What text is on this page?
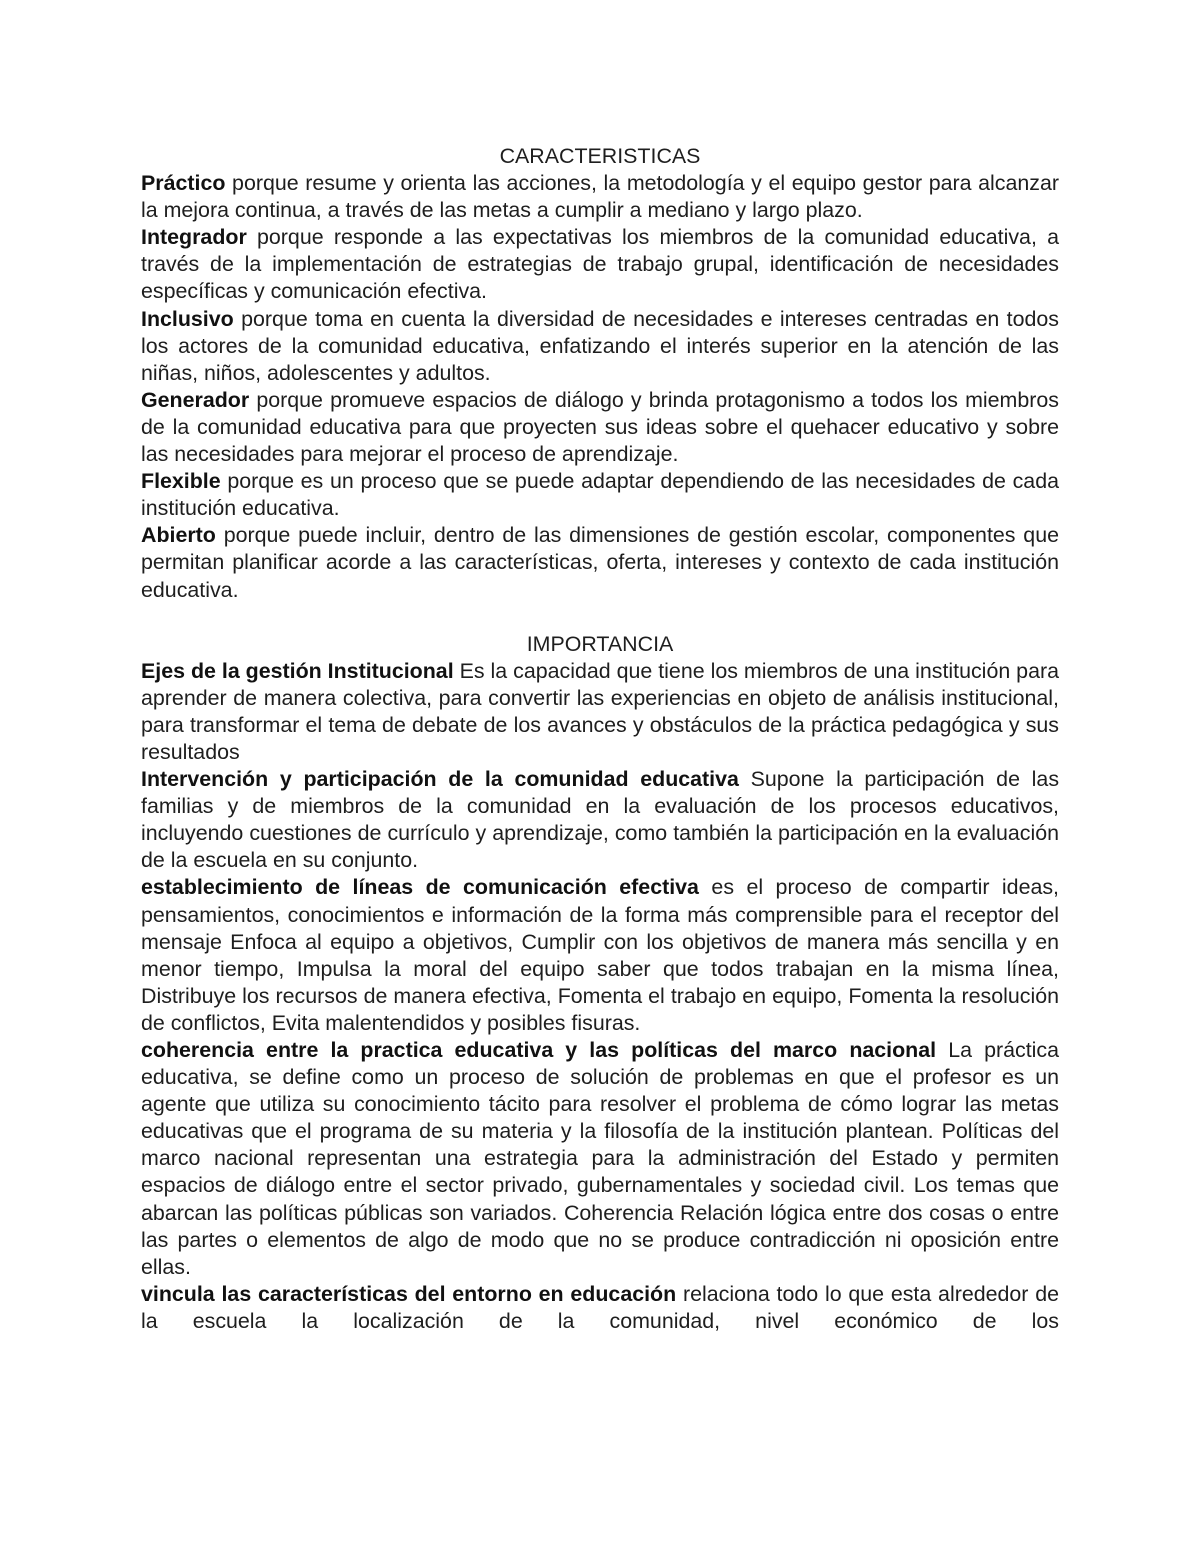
CARACTERISTICAS

Práctico porque resume y orienta las acciones, la metodología y el equipo gestor para alcanzar la mejora continua, a través de las metas a cumplir a mediano y largo plazo.

Integrador porque responde a las expectativas los miembros de la comunidad educativa, a través de la implementación de estrategias de trabajo grupal, identificación de necesidades específicas y comunicación efectiva.

Inclusivo porque toma en cuenta la diversidad de necesidades e intereses centradas en todos los actores de la comunidad educativa, enfatizando el interés superior en la atención de las niñas, niños, adolescentes y adultos.

Generador porque promueve espacios de diálogo y brinda protagonismo a todos los miembros de la comunidad educativa para que proyecten sus ideas sobre el quehacer educativo y sobre las necesidades para mejorar el proceso de aprendizaje.

Flexible porque es un proceso que se puede adaptar dependiendo de las necesidades de cada institución educativa.

Abierto porque puede incluir, dentro de las dimensiones de gestión escolar, componentes que permitan planificar acorde a las características, oferta, intereses y contexto de cada institución educativa.

IMPORTANCIA

Ejes de la gestión Institucional Es la capacidad que tiene los miembros de una institución para aprender de manera colectiva, para convertir las experiencias en objeto de análisis institucional, para transformar el tema de debate de los avances y obstáculos de la práctica pedagógica y sus resultados

Intervención y participación de la comunidad educativa Supone la participación de las familias y de miembros de la comunidad en la evaluación de los procesos educativos, incluyendo cuestiones de currículo y aprendizaje, como también la participación en la evaluación de la escuela en su conjunto.

establecimiento de líneas de comunicación efectiva es el proceso de compartir ideas, pensamientos, conocimientos e información de la forma más comprensible para el receptor del mensaje Enfoca al equipo a objetivos, Cumplir con los objetivos de manera más sencilla y en menor tiempo, Impulsa la moral del equipo saber que todos trabajan en la misma línea, Distribuye los recursos de manera efectiva, Fomenta el trabajo en equipo, Fomenta la resolución de conflictos, Evita malentendidos y posibles fisuras.

coherencia entre la practica educativa y las políticas del marco nacional La práctica educativa, se define como un proceso de solución de problemas en que el profesor es un agente que utiliza su conocimiento tácito para resolver el problema de cómo lograr las metas educativas que el programa de su materia y la filosofía de la institución plantean. Políticas del marco nacional representan una estrategia para la administración del Estado y permiten espacios de diálogo entre el sector privado, gubernamentales y sociedad civil. Los temas que abarcan las políticas públicas son variados. Coherencia Relación lógica entre dos cosas o entre las partes o elementos de algo de modo que no se produce contradicción ni oposición entre ellas.

vincula las características del entorno en educación relaciona todo lo que esta alrededor de la escuela la localización de la comunidad, nivel económico de los
